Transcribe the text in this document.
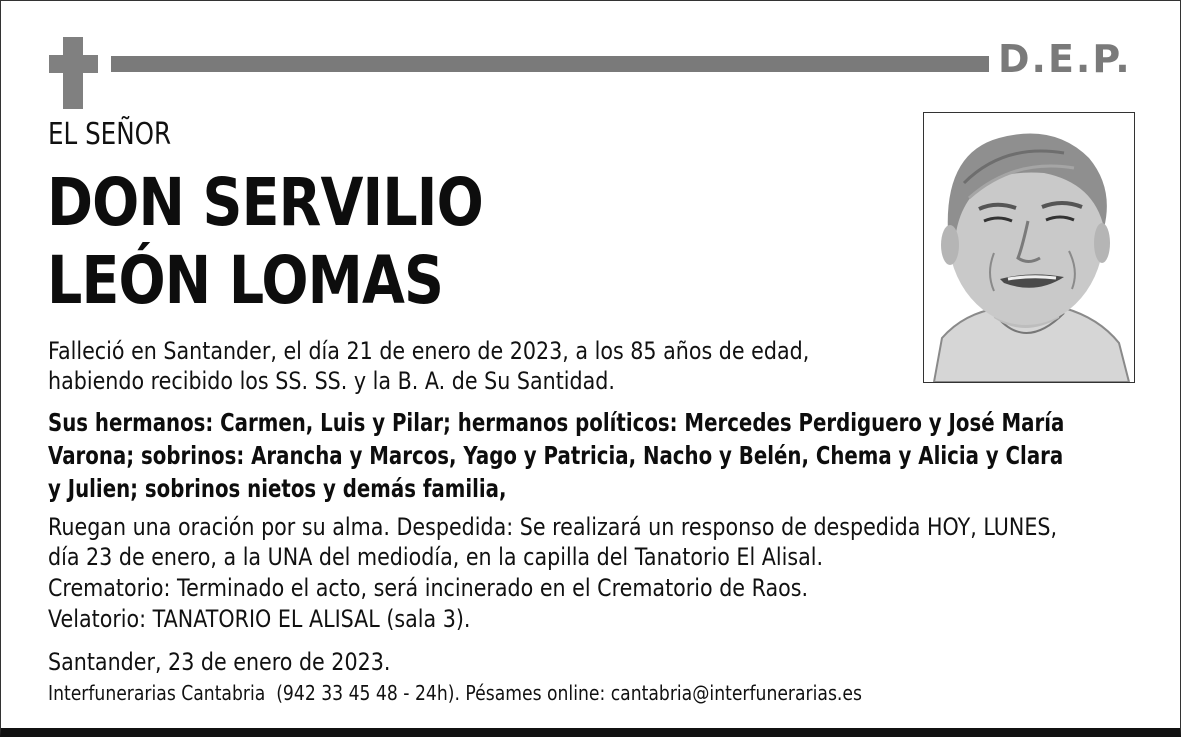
D.E.P.
EL SEÑOR
DON SERVILIO
LEÓN LOMAS
Falleció en Santander, el día 21 de enero de 2023, a los 85 años de edad,
habiendo recibido los SS. SS. y la B. A. de Su Santidad.
Sus hermanos: Carmen, Luis y Pilar; hermanos políticos: Mercedes Perdiguero y José María
Varona; sobrinos: Arancha y Marcos, Yago y Patricia, Nacho y Belén, Chema y Alicia y Clara
y Julien; sobrinos nietos y demás familia,
Ruegan una oración por su alma. Despedida: Se realizará un responso de despedida HOY, LUNES,
día 23 de enero, a la UNA del mediodía, en la capilla del Tanatorio El Alisal.
Crematorio: Terminado el acto, será incinerado en el Crematorio de Raos.
Velatorio: TANATORIO EL ALISAL (sala 3).
Santander, 23 de enero de 2023.
Interfunerarias Cantabria  (942 33 45 48 - 24h). Pésames online: cantabria@interfunerarias.es
